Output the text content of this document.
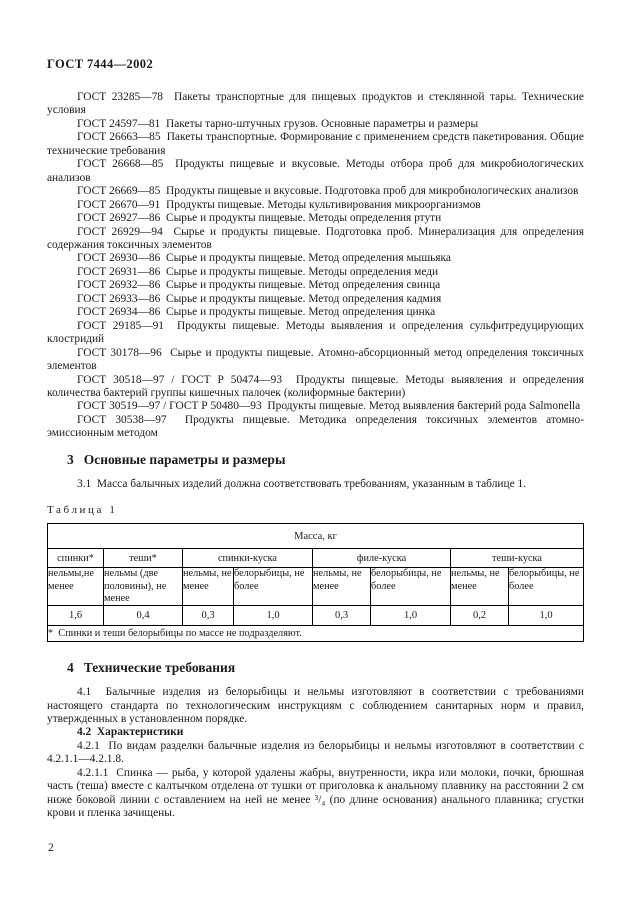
ГОСТ 7444—2002

ГОСТ 23285—78  Пакеты транспортные для пищевых продуктов и стеклянной тары. Технические условия

ГОСТ 24597—81  Пакеты тарно-штучных грузов. Основные параметры и размеры

ГОСТ 26663—85  Пакеты транспортные. Формирование с применением средств пакетирования. Общие технические требования

ГОСТ 26668—85  Продукты пищевые и вкусовые. Методы отбора проб для микробиологических анализов

ГОСТ 26669—85  Продукты пищевые и вкусовые. Подготовка проб для микробиологических анализов

ГОСТ 26670—91  Продукты пищевые. Методы культивирования микроорганизмов

ГОСТ 26927—86  Сырье и продукты пищевые. Методы определения ртути

ГОСТ 26929—94  Сырье и продукты пищевые. Подготовка проб. Минерализация для определения содержания токсичных элементов

ГОСТ 26930—86  Сырье и продукты пищевые. Метод определения мышьяка

ГОСТ 26931—86  Сырье и продукты пищевые. Методы определения меди

ГОСТ 26932—86  Сырье и продукты пищевые. Метод определения свинца

ГОСТ 26933—86  Сырье и продукты пищевые. Метод определения кадмия

ГОСТ 26934—86  Сырье и продукты пищевые. Метод определения цинка

ГОСТ 29185—91  Продукты пищевые. Методы выявления и определения сульфитредуцирующих клостридий

ГОСТ 30178—96  Сырье и продукты пищевые. Атомно-абсорционный метод определения токсичных элементов

ГОСТ 30518—97 / ГОСТ Р 50474—93  Продукты пищевые. Методы выявления и определения количества бактерий группы кишечных палочек (колиформные бактерии)

ГОСТ 30519—97 / ГОСТ Р 50480—93  Продукты пищевые. Метод выявления бактерий рода Salmonella

ГОСТ 30538—97  Продукты пищевые. Методика определения токсичных элементов атомно-эмиссионным методом

3 Основные параметры и размеры

3.1  Масса балычных изделий должна соответствовать требованиям, указанным в таблице 1.

Таблица 1
Масса, кг							
спинки*	теши*	спинки-куска		филе-куска		теши-куска	
нельмы,не менее	нельмы (две половины), не менее	нельмы, не менее	белорыбицы, не более	нельмы, не менее	белорыбицы, не более	нельмы, не менее	белорыбицы, не более
1,6	0,4	0,3	1,0	0,3	1,0	0,2	1,0
*  Спинки и теши белорыбицы по массе не подразделяют.							
4 Технические требования

4.1  Балычные изделия из белорыбицы и нельмы изготовляют в соответствии с требованиями настоящего стандарта по технологическим инструкциям с соблюдением санитарных норм и правил, утвержденных в установленном порядке.

4.2  Характеристики

4.2.1  По видам разделки балычные изделия из белорыбицы и нельмы изготовляют в соответствии с 4.2.1.1—4.2.1.8.

4.2.1.1  Спинка — рыба, у которой удалены жабры, внутренности, икра или молоки, почки, брюшная часть (теша) вместе с калтычком отделена от тушки от приголовка к анальному плавнику на расстоянии 2 см ниже боковой линии с оставлением на ней не менее ³/₄ (по длине основания) анального плавника; сгустки крови и пленка зачищены.

2
